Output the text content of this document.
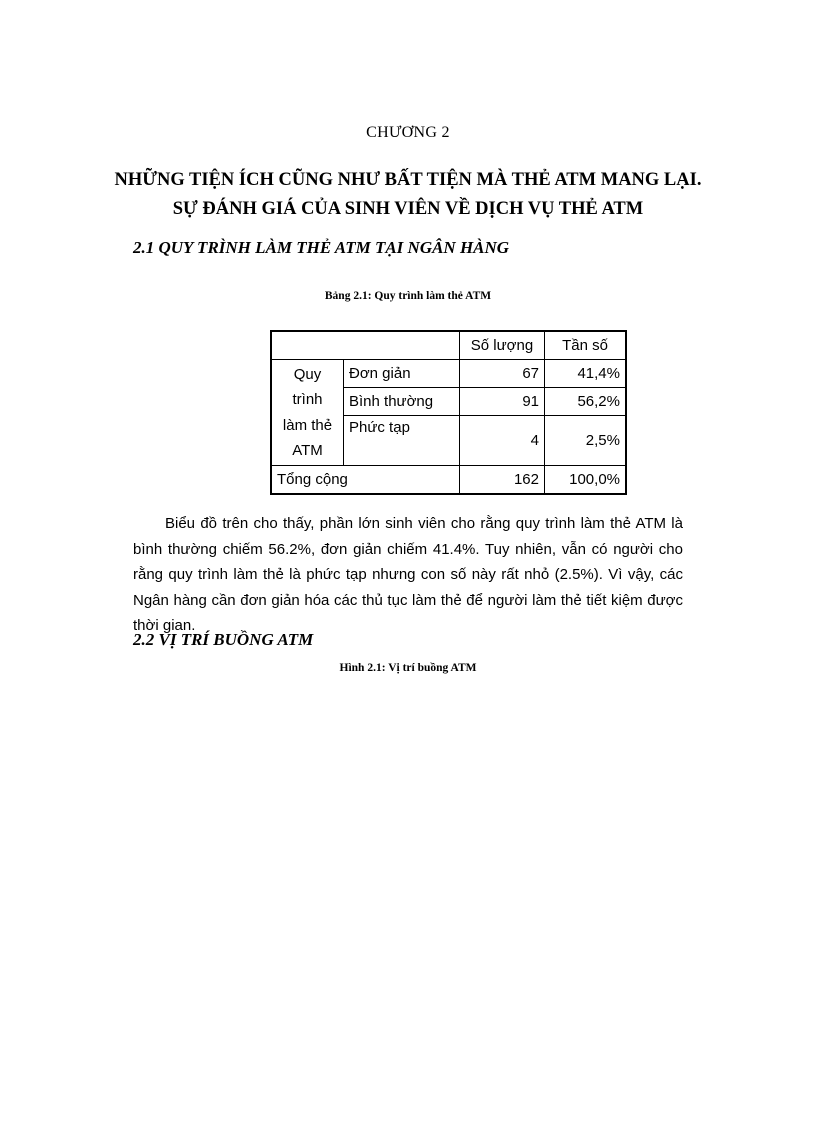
CHƯƠNG 2
NHỮNG TIỆN ÍCH CŨNG NHƯ BẤT TIỆN MÀ THẺ ATM MANG LẠI.
SỰ ĐÁNH GIÁ CỦA SINH VIÊN VỀ DỊCH VỤ THẺ ATM
2.1 QUY TRÌNH LÀM THẺ ATM TẠI NGÂN HÀNG
Bảng 2.1: Quy trình làm thẻ ATM
		Số lượng	Tần số

Quy
trình
làm thẻ
ATM	Đơn giản	67	41,4%
	Bình thường	91	56,2%
	Phức tạp	4	2,5%
Tổng cộng		162	100,0%
Biểu đồ trên cho thấy, phần lớn sinh viên cho rằng quy trình làm thẻ ATM là bình thường chiếm 56.2%, đơn giản chiếm 41.4%. Tuy nhiên, vẫn có người cho rằng quy trình làm thẻ là phức tạp nhưng con số này rất nhỏ (2.5%). Vì vậy, các Ngân hàng cần đơn giản hóa các thủ tục làm thẻ để người làm thẻ tiết kiệm được thời gian.
2.2 VỊ TRÍ BUỒNG ATM
Hình 2.1: Vị trí buồng ATM
